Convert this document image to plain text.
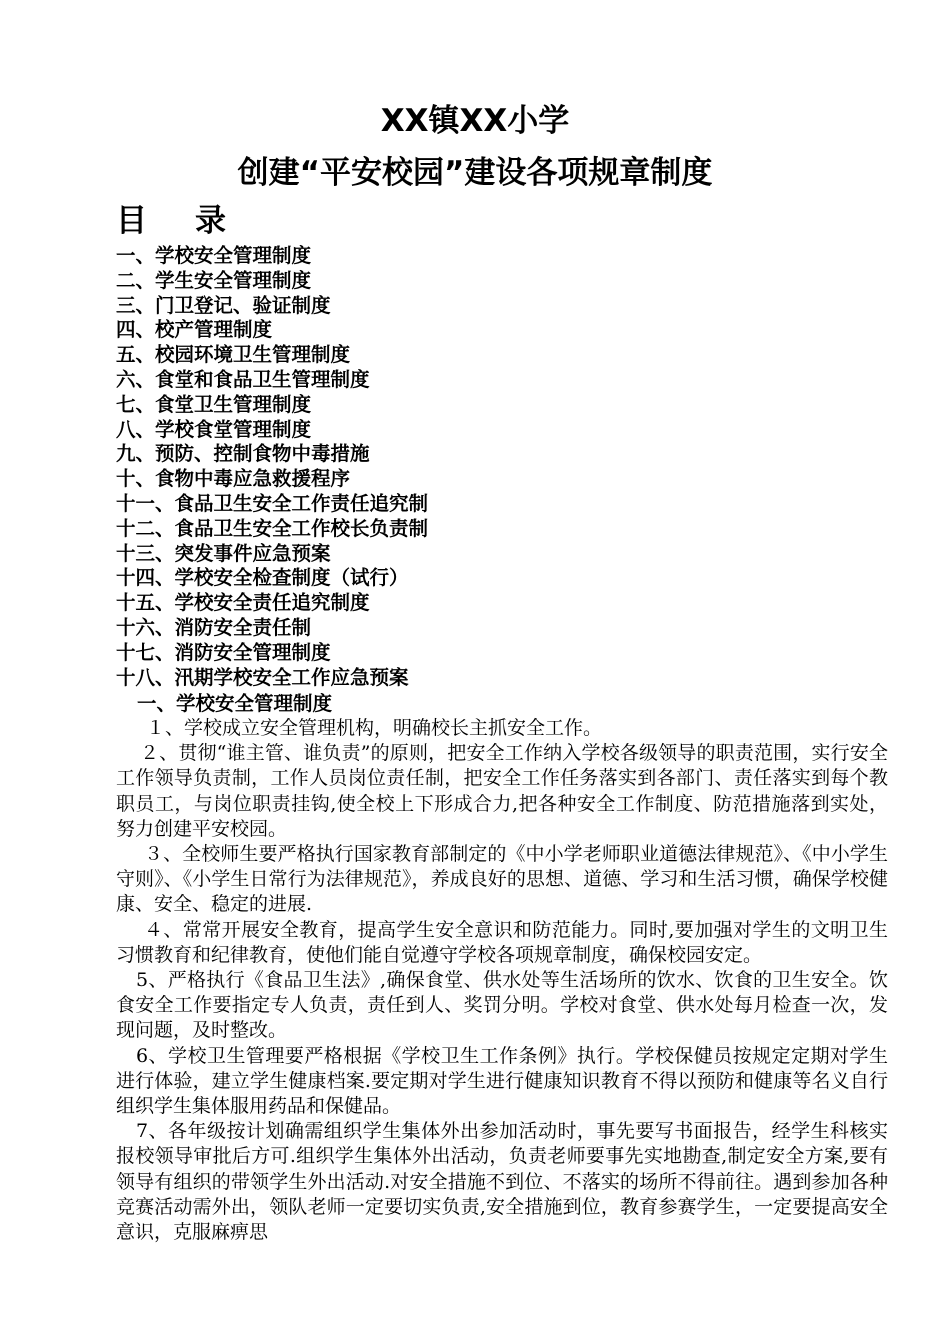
XX镇XX小学
创建“平安校园”建设各项规章制度
目录
一、学校安全管理制度
二、学生安全管理制度
三、门卫登记、验证制度
四、校产管理制度
五、校园环境卫生管理制度
六、食堂和食品卫生管理制度
七、食堂卫生管理制度
八、学校食堂管理制度
九、预防、控制食物中毒措施
十、食物中毒应急救援程序
十一、食品卫生安全工作责任追究制
十二、食品卫生安全工作校长负责制
十三、突发事件应急预案
十四、学校安全检查制度（试行）
十五、学校安全责任追究制度
十六、消防安全责任制
十七、消防安全管理制度
十八、汛期学校安全工作应急预案
一、学校安全管理制度

１、学校成立安全管理机构，明确校长主抓安全工作。

２、贯彻“谁主管、谁负责”的原则，把安全工作纳入学校各级领导的职责范围，实行安全工作领导负责制，工作人员岗位责任制，把安全工作任务落实到各部门、责任落实到每个教职员工，与岗位职责挂钩,使全校上下形成合力,把各种安全工作制度、防范措施落到实处，努力创建平安校园。

３、全校师生要严格执行国家教育部制定的《中小学老师职业道德法律规范》、《中小学生守则》、《小学生日常行为法律规范》，养成良好的思想、道德、学习和生活习惯，确保学校健康、安全、稳定的进展.

４、常常开展安全教育，提高学生安全意识和防范能力。同时,要加强对学生的文明卫生习惯教育和纪律教育，使他们能自觉遵守学校各项规章制度，确保校园安定。

5、严格执行《食品卫生法》,确保食堂、供水处等生活场所的饮水、饮食的卫生安全。饮食安全工作要指定专人负责，责任到人、奖罚分明。学校对食堂、供水处每月检查一次，发现问题，及时整改。

6、学校卫生管理要严格根据《学校卫生工作条例》执行。学校保健员按规定定期对学生进行体验，建立学生健康档案.要定期对学生进行健康知识教育不得以预防和健康等名义自行组织学生集体服用药品和保健品。

7、各年级按计划确需组织学生集体外出参加活动时，事先要写书面报告，经学生科核实报校领导审批后方可.组织学生集体外出活动，负责老师要事先实地勘查,制定安全方案,要有领导有组织的带领学生外出活动.对安全措施不到位、不落实的场所不得前往。遇到参加各种竞赛活动需外出，领队老师一定要切实负责,安全措施到位，教育参赛学生，一定要提高安全意识，克服麻痹思
